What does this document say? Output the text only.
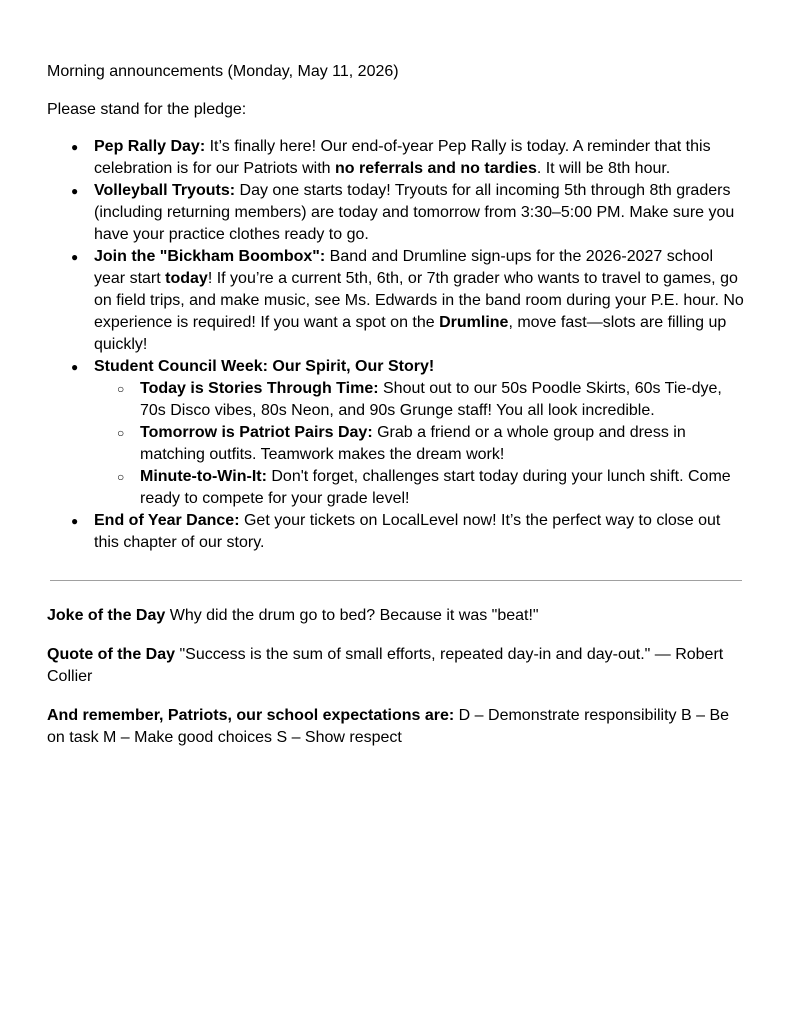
Morning announcements (Monday, May 11, 2026)

Please stand for the pledge:

● Pep Rally Day: It’s finally here! Our end-of-year Pep Rally is today. A reminder that this celebration is for our Patriots with no referrals and no tardies. It will be 8th hour.
● Volleyball Tryouts: Day one starts today! Tryouts for all incoming 5th through 8th graders (including returning members) are today and tomorrow from 3:30–5:00 PM. Make sure you have your practice clothes ready to go.
● Join the "Bickham Boombox": Band and Drumline sign-ups for the 2026-2027 school year start today! If you’re a current 5th, 6th, or 7th grader who wants to travel to games, go on field trips, and make music, see Ms. Edwards in the band room during your P.E. hour. No experience is required! If you want a spot on the Drumline, move fast—slots are filling up quickly!
● Student Council Week: Our Spirit, Our Story!
○ Today is Stories Through Time: Shout out to our 50s Poodle Skirts, 60s Tie-dye, 70s Disco vibes, 80s Neon, and 90s Grunge staff! You all look incredible.
○ Tomorrow is Patriot Pairs Day: Grab a friend or a whole group and dress in matching outfits. Teamwork makes the dream work!
○ Minute-to-Win-It: Don't forget, challenges start today during your lunch shift. Come ready to compete for your grade level!
● End of Year Dance: Get your tickets on LocalLevel now! It’s the perfect way to close out this chapter of our story.

Joke of the Day Why did the drum go to bed? Because it was "beat!"

Quote of the Day "Success is the sum of small efforts, repeated day-in and day-out." — Robert Collier

And remember, Patriots, our school expectations are: D – Demonstrate responsibility B – Be on task M – Make good choices S – Show respect
